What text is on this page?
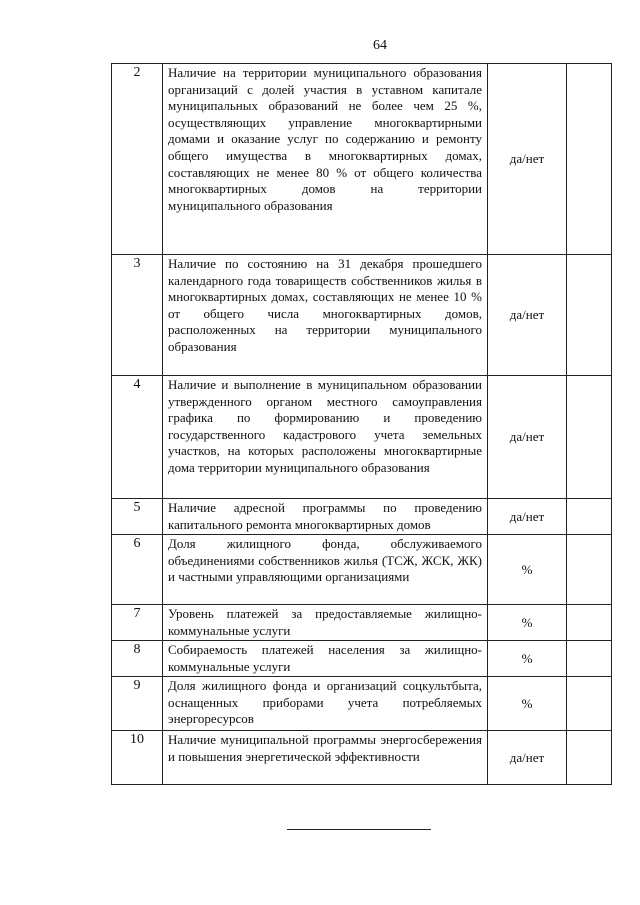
64
2	Наличие на территории муниципального образования организаций с долей участия в уставном капитале муниципальных образований не более чем 25 %, осуществляющих управление многоквартирными домами и оказание услуг по содержанию и ремонту общего имущества в многоквартирных домах, составляющих не менее 80 % от общего количества многоквартирных домов на территории муниципального образования	да/нет	
3	Наличие по состоянию на 31 декабря прошедшего календарного года товариществ собственников жилья в многоквартирных домах, составляющих не менее 10 % от общего числа многоквартирных домов, расположенных на территории муниципального образования	да/нет	
4	Наличие и выполнение в муниципальном образовании утвержденного органом местного самоуправления графика по формированию и проведению государственного кадастрового учета земельных участков, на которых расположены многоквартирные дома территории муниципального образования	да/нет	
5	Наличие адресной программы по проведению капитального ремонта многоквартирных домов	да/нет	
6	Доля жилищного фонда, обслуживаемого объединениями собственников жилья (ТСЖ, ЖСК, ЖК) и частными управляющими организациями	%	
7	Уровень платежей за предоставляемые жилищно-коммунальные услуги	%	
8	Собираемость платежей населения за жилищно-коммунальные услуги	%	
9	Доля жилищного фонда и организаций соцкультбыта, оснащенных приборами учета потребляемых энергоресурсов	%	
10	Наличие муниципальной программы энергосбережения и повышения энергетической эффективности	да/нет	
